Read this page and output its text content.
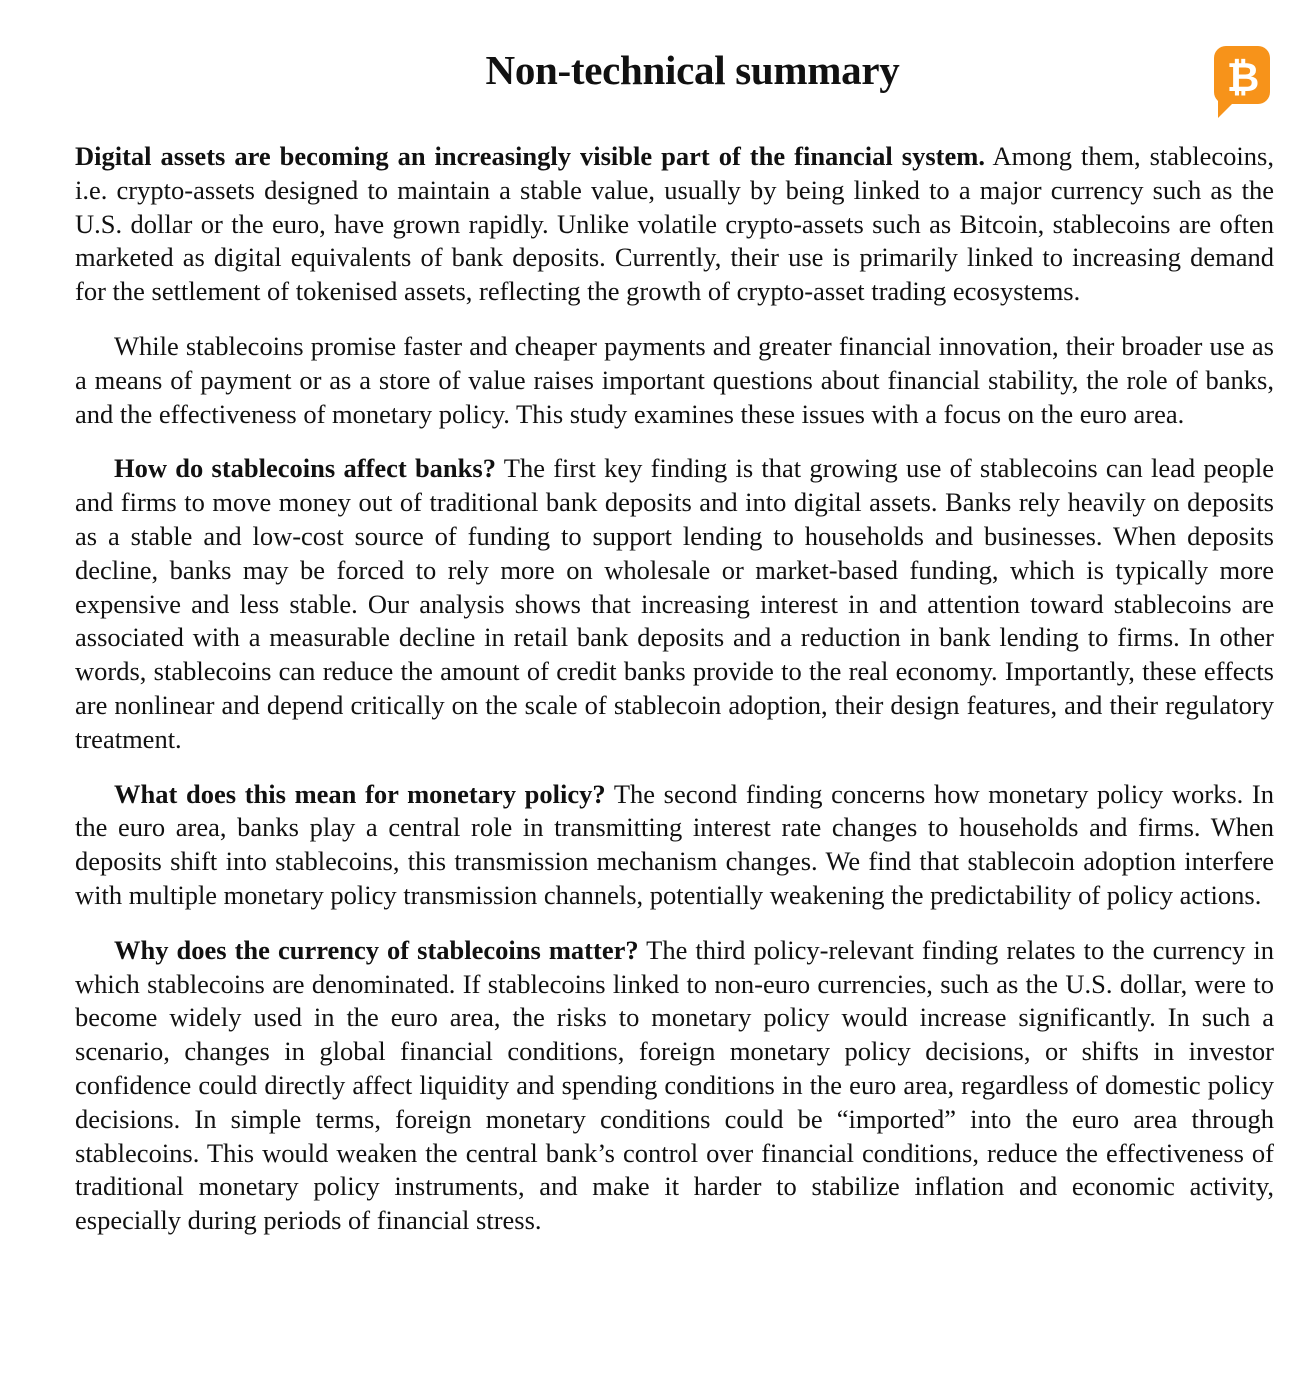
Non-technical summary	₿

Digital assets are becoming an increasingly visible part of the financial system. Among them, stablecoins, i.e. crypto-assets designed to maintain a stable value, usually by being linked to a major currency such as the U.S. dollar or the euro, have grown rapidly. Unlike volatile crypto-assets such as Bitcoin, stablecoins are often marketed as digital equivalents of bank deposits. Currently, their use is primarily linked to increasing demand for the settlement of tokenised assets, reflecting the growth of crypto-asset trading ecosystems.

While stablecoins promise faster and cheaper payments and greater financial innovation, their broader use as a means of payment or as a store of value raises important questions about financial stability, the role of banks, and the effectiveness of monetary policy. This study examines these issues with a focus on the euro area.

How do stablecoins affect banks? The first key finding is that growing use of stablecoins can lead people and firms to move money out of traditional bank deposits and into digital assets. Banks rely heavily on deposits as a stable and low-cost source of funding to support lending to households and businesses. When deposits decline, banks may be forced to rely more on wholesale or market-based funding, which is typically more expensive and less stable. Our analysis shows that increasing interest in and attention toward stablecoins are associated with a measurable decline in retail bank deposits and a reduction in bank lending to firms. In other words, stablecoins can reduce the amount of credit banks provide to the real economy. Importantly, these effects are nonlinear and depend critically on the scale of stablecoin adoption, their design features, and their regulatory treatment.

What does this mean for monetary policy? The second finding concerns how monetary policy works. In the euro area, banks play a central role in transmitting interest rate changes to households and firms. When deposits shift into stablecoins, this transmission mechanism changes. We find that stablecoin adoption interfere with multiple monetary policy transmission channels, potentially weakening the predictability of policy actions.

Why does the currency of stablecoins matter? The third policy-relevant finding relates to the currency in which stablecoins are denominated. If stablecoins linked to non-euro currencies, such as the U.S. dollar, were to become widely used in the euro area, the risks to monetary policy would increase significantly. In such a scenario, changes in global financial conditions, foreign monetary policy decisions, or shifts in investor confidence could directly affect liquidity and spending conditions in the euro area, regardless of domestic policy decisions. In simple terms, foreign monetary conditions could be “imported” into the euro area through stablecoins. This would weaken the central bank’s control over financial conditions, reduce the effectiveness of traditional monetary policy instruments, and make it harder to stabilize inflation and economic activity, especially during periods of financial stress.
